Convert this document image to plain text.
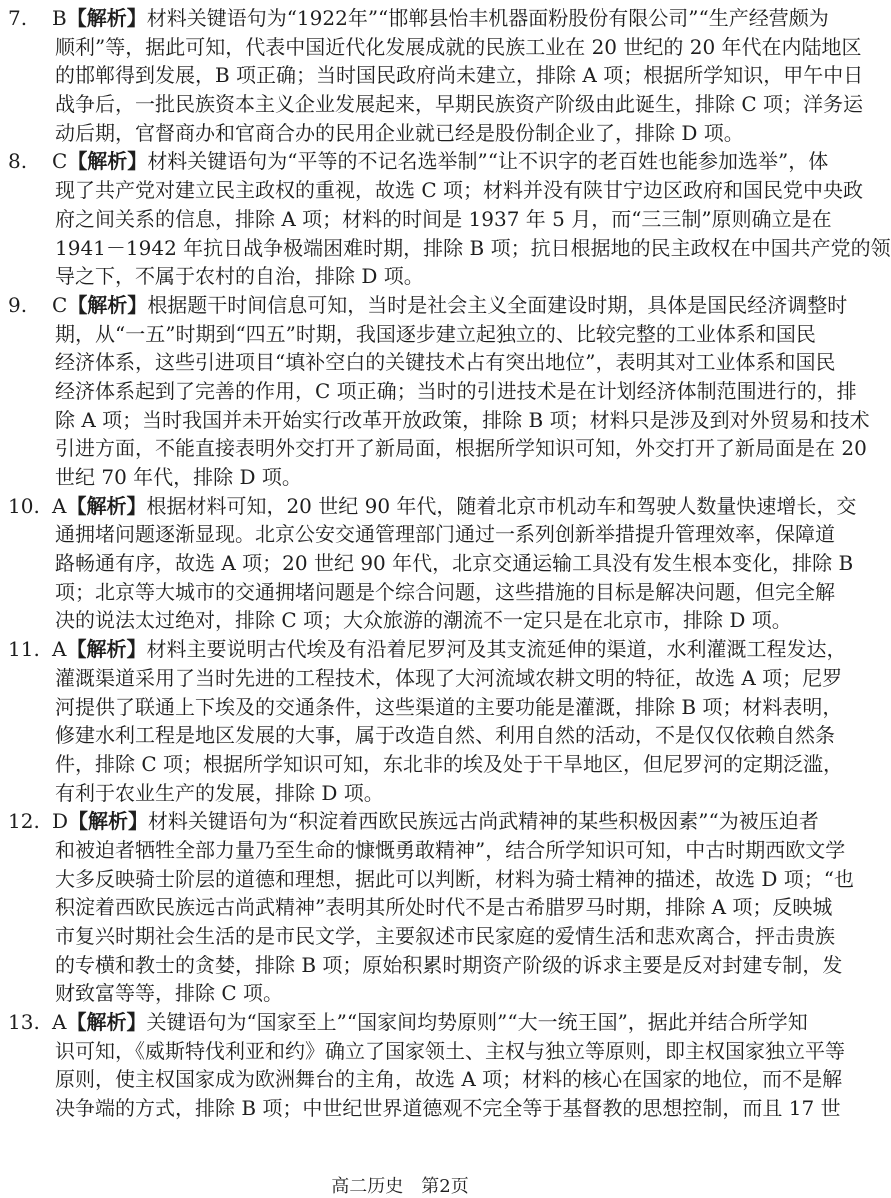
7. B【解析】材料关键语句为“1922年”“邯郸县怡丰机器面粉股份有限公司”“生产经营颇为
顺利”等，据此可知，代表中国近代化发展成就的民族工业在 20 世纪的 20 年代在内陆地区
的邯郸得到发展，B 项正确；当时国民政府尚未建立，排除 A 项；根据所学知识，甲午中日
战争后，一批民族资本主义企业发展起来，早期民族资产阶级由此诞生，排除 C 项；洋务运
动后期，官督商办和官商合办的民用企业就已经是股份制企业了，排除 D 项。
8. C【解析】材料关键语句为“平等的不记名选举制”“让不识字的老百姓也能参加选举”，体
现了共产党对建立民主政权的重视，故选 C 项；材料并没有陕甘宁边区政府和国民党中央政
府之间关系的信息，排除 A 项；材料的时间是 1937 年 5 月，而“三三制”原则确立是在
1941－1942 年抗日战争极端困难时期，排除 B 项；抗日根据地的民主政权在中国共产党的领
导之下，不属于农村的自治，排除 D 项。
9. C【解析】根据题干时间信息可知，当时是社会主义全面建设时期，具体是国民经济调整时
期，从“一五”时期到“四五”时期，我国逐步建立起独立的、比较完整的工业体系和国民
经济体系，这些引进项目“填补空白的关键技术占有突出地位”，表明其对工业体系和国民
经济体系起到了完善的作用，C 项正确；当时的引进技术是在计划经济体制范围进行的，排
除 A 项；当时我国并未开始实行改革开放政策，排除 B 项；材料只是涉及到对外贸易和技术
引进方面，不能直接表明外交打开了新局面，根据所学知识可知，外交打开了新局面是在 20
世纪 70 年代，排除 D 项。
10. A【解析】根据材料可知，20 世纪 90 年代，随着北京市机动车和驾驶人数量快速增长，交
通拥堵问题逐渐显现。北京公安交通管理部门通过一系列创新举措提升管理效率，保障道
路畅通有序，故选 A 项；20 世纪 90 年代，北京交通运输工具没有发生根本变化，排除 B
项；北京等大城市的交通拥堵问题是个综合问题，这些措施的目标是解决问题，但完全解
决的说法太过绝对，排除 C 项；大众旅游的潮流不一定只是在北京市，排除 D 项。
11. A【解析】材料主要说明古代埃及有沿着尼罗河及其支流延伸的渠道，水利灌溉工程发达，
灌溉渠道采用了当时先进的工程技术，体现了大河流域农耕文明的特征，故选 A 项；尼罗
河提供了联通上下埃及的交通条件，这些渠道的主要功能是灌溉，排除 B 项；材料表明，
修建水利工程是地区发展的大事，属于改造自然、利用自然的活动，不是仅仅依赖自然条
件，排除 C 项；根据所学知识可知，东北非的埃及处于干旱地区，但尼罗河的定期泛滥，
有利于农业生产的发展，排除 D 项。
12. D【解析】材料关键语句为“积淀着西欧民族远古尚武精神的某些积极因素”“为被压迫者
和被迫者牺牲全部力量乃至生命的慷慨勇敢精神”，结合所学知识可知，中古时期西欧文学
大多反映骑士阶层的道德和理想，据此可以判断，材料为骑士精神的描述，故选 D 项；“也
积淀着西欧民族远古尚武精神”表明其所处时代不是古希腊罗马时期，排除 A 项；反映城
市复兴时期社会生活的是市民文学，主要叙述市民家庭的爱情生活和悲欢离合，抨击贵族
的专横和教士的贪婪，排除 B 项；原始积累时期资产阶级的诉求主要是反对封建专制，发
财致富等等，排除 C 项。
13. A【解析】关键语句为“国家至上”“国家间均势原则”“大一统王国”，据此并结合所学知
识可知，《威斯特伐利亚和约》确立了国家领土、主权与独立等原则，即主权国家独立平等
原则，使主权国家成为欧洲舞台的主角，故选 A 项；材料的核心在国家的地位，而不是解
决争端的方式，排除 B 项；中世纪世界道德观不完全等于基督教的思想控制，而且 17 世
高二历史　第2页
